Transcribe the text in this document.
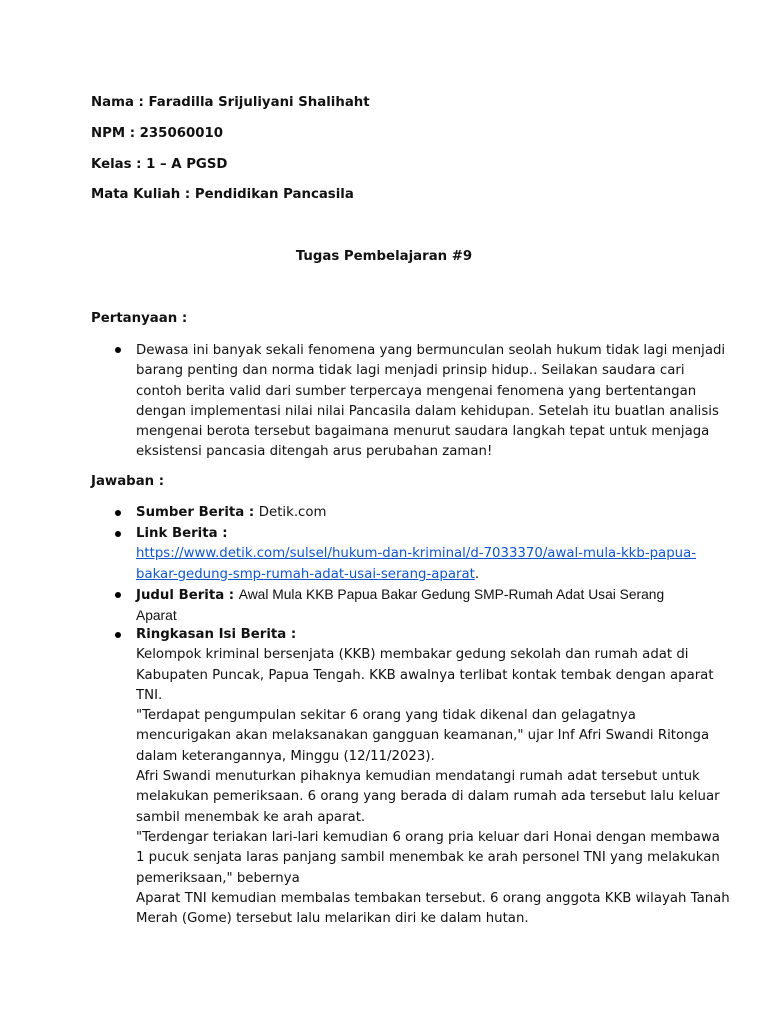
Nama : Faradilla Srijuliyani Shalihaht
NPM : 235060010
Kelas : 1 – A PGSD
Mata Kuliah : Pendidikan Pancasila
Tugas Pembelajaran #9
Pertanyaan :
Dewasa ini banyak sekali fenomena yang bermunculan seolah hukum tidak lagi menjadi
barang penting dan norma tidak lagi menjadi prinsip hidup.. Seilakan saudara cari
contoh berita valid dari sumber terpercaya mengenai fenomena yang bertentangan
dengan implementasi nilai nilai Pancasila dalam kehidupan. Setelah itu buatlan analisis
mengenai berota tersebut bagaimana menurut saudara langkah tepat untuk menjaga
eksistensi pancasia ditengah arus perubahan zaman!
Jawaban :
Sumber Berita : Detik.com
Link Berita :
https://www.detik.com/sulsel/hukum-dan-kriminal/d-7033370/awal-mula-kkb-papua-
bakar-gedung-smp-rumah-adat-usai-serang-aparat.
Judul Berita : Awal Mula KKB Papua Bakar Gedung SMP-Rumah Adat Usai Serang
Aparat
Ringkasan Isi Berita :
Kelompok kriminal bersenjata (KKB) membakar gedung sekolah dan rumah adat di
Kabupaten Puncak, Papua Tengah. KKB awalnya terlibat kontak tembak dengan aparat
TNI.
"Terdapat pengumpulan sekitar 6 orang yang tidak dikenal dan gelagatnya
mencurigakan akan melaksanakan gangguan keamanan," ujar Inf Afri Swandi Ritonga
dalam keterangannya, Minggu (12/11/2023).
Afri Swandi menuturkan pihaknya kemudian mendatangi rumah adat tersebut untuk
melakukan pemeriksaan. 6 orang yang berada di dalam rumah ada tersebut lalu keluar
sambil menembak ke arah aparat.
"Terdengar teriakan lari-lari kemudian 6 orang pria keluar dari Honai dengan membawa
1 pucuk senjata laras panjang sambil menembak ke arah personel TNI yang melakukan
pemeriksaan," bebernya
Aparat TNI kemudian membalas tembakan tersebut. 6 orang anggota KKB wilayah Tanah
Merah (Gome) tersebut lalu melarikan diri ke dalam hutan.
